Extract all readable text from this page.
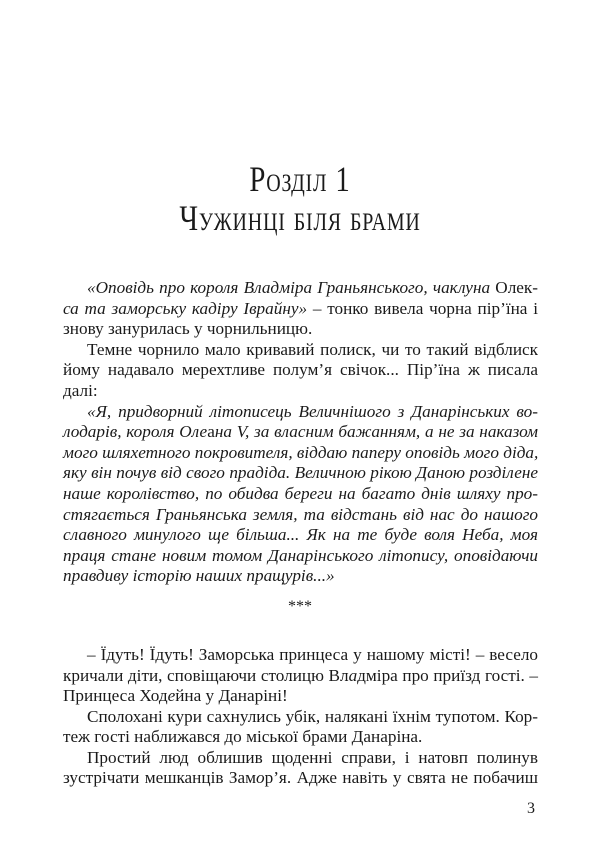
Розділ 1
Чужинці біля брами
«Оповідь про короля Владміра Граньянського, чаклуна Олек-
са та заморську кадіру Іврайну» – тонко вивела чорна пір’їна і
знову занурилась у чорнильницю.
Темне чорнило мало кривавий полиск, чи то такий відблиск
йому надавало мерехтливе полум’я свічок... Пір’їна ж писала
далі:
«Я, придворний літописець Величнішого з Данарінських во-
лодарів, короля Олеана V, за власним бажанням, а не за наказом
мого шляхетного покровителя, віддаю паперу оповідь мого діда,
яку він почув від свого прадіда. Величною рікою Даною розділене
наше королівство, по обидва береги на багато днів шляху про-
стягається Граньянська земля, та відстань від нас до нашого
славного минулого ще більша... Як на те буде воля Неба, моя
праця стане новим томом Данарінського літопису, оповідаючи
правдиву історію наших пращурів...»
– Їдуть! Їдуть! Заморська принцеса у нашому місті! – весело
кричали діти, сповіщаючи столицю Владміра про приїзд гості. –
Принцеса Ходейна у Данаріні!
Сполохані кури сахнулись убік, налякані їхнім тупотом. Кор-
теж гості наближався до міської брами Данаріна.
Простий люд облишив щоденні справи, і натовп полинув
зустрічати мешканців Замор’я. Адже навіть у свята не побачиш
***
3
